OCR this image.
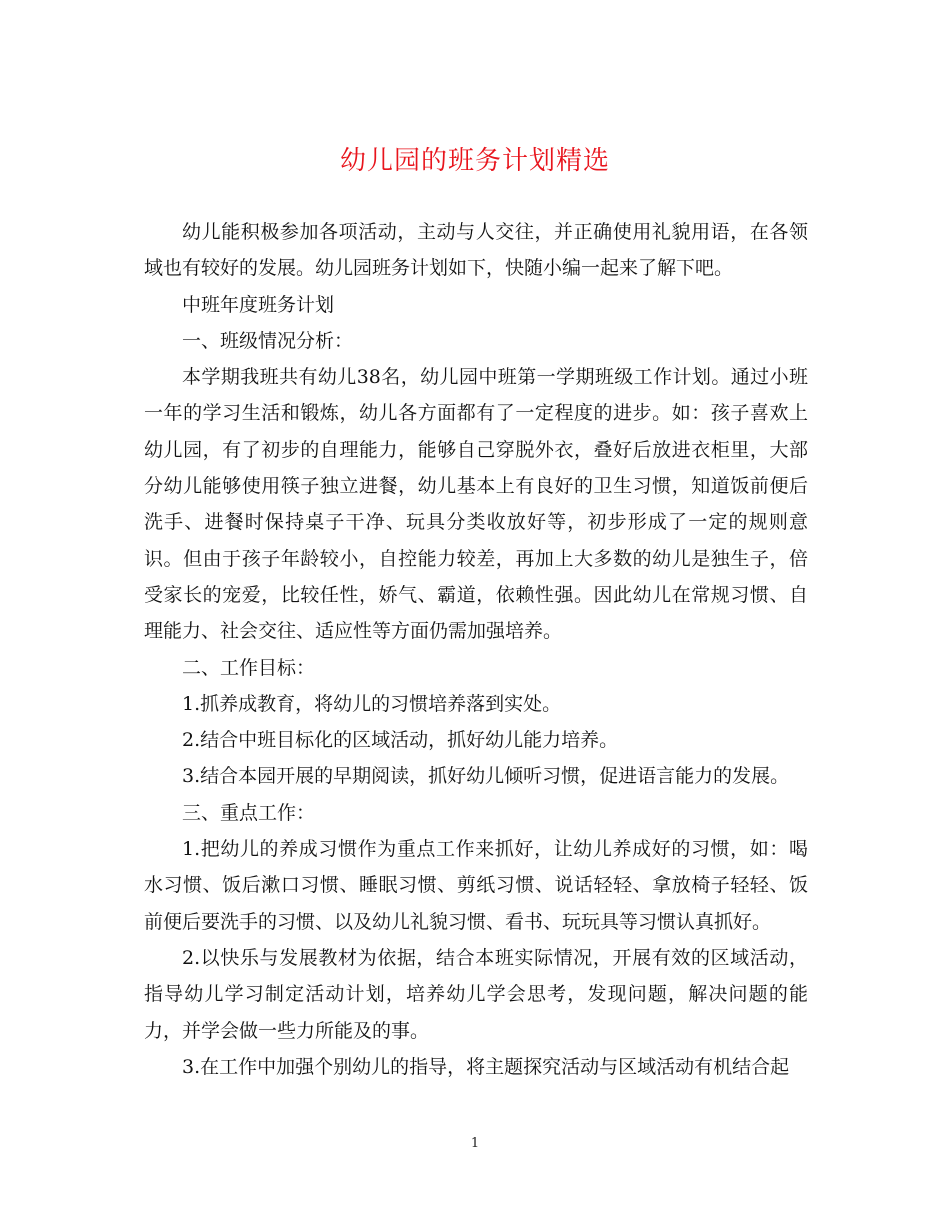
幼儿园的班务计划精选

幼儿能积极参加各项活动，主动与人交往，并正确使用礼貌用语，在各领域也有较好的发展。幼儿园班务计划如下，快随小编一起来了解下吧。

中班年度班务计划

一、班级情况分析：

本学期我班共有幼儿38名，幼儿园中班第一学期班级工作计划。通过小班一年的学习生活和锻炼，幼儿各方面都有了一定程度的进步。如：孩子喜欢上幼儿园，有了初步的自理能力，能够自己穿脱外衣，叠好后放进衣柜里，大部分幼儿能够使用筷子独立进餐，幼儿基本上有良好的卫生习惯，知道饭前便后洗手、进餐时保持桌子干净、玩具分类收放好等，初步形成了一定的规则意识。但由于孩子年龄较小，自控能力较差，再加上大多数的幼儿是独生子，倍受家长的宠爱，比较任性，娇气、霸道，依赖性强。因此幼儿在常规习惯、自理能力、社会交往、适应性等方面仍需加强培养。

二、工作目标：

1.抓养成教育，将幼儿的习惯培养落到实处。

2.结合中班目标化的区域活动，抓好幼儿能力培养。

3.结合本园开展的早期阅读，抓好幼儿倾听习惯，促进语言能力的发展。

三、重点工作：

1.把幼儿的养成习惯作为重点工作来抓好，让幼儿养成好的习惯，如：喝水习惯、饭后漱口习惯、睡眠习惯、剪纸习惯、说话轻轻、拿放椅子轻轻、饭前便后要洗手的习惯、以及幼儿礼貌习惯、看书、玩玩具等习惯认真抓好。

2.以快乐与发展教材为依据，结合本班实际情况，开展有效的区域活动，指导幼儿学习制定活动计划，培养幼儿学会思考，发现问题，解决问题的能力，并学会做一些力所能及的事。

3.在工作中加强个别幼儿的指导，将主题探究活动与区域活动有机结合起

1
